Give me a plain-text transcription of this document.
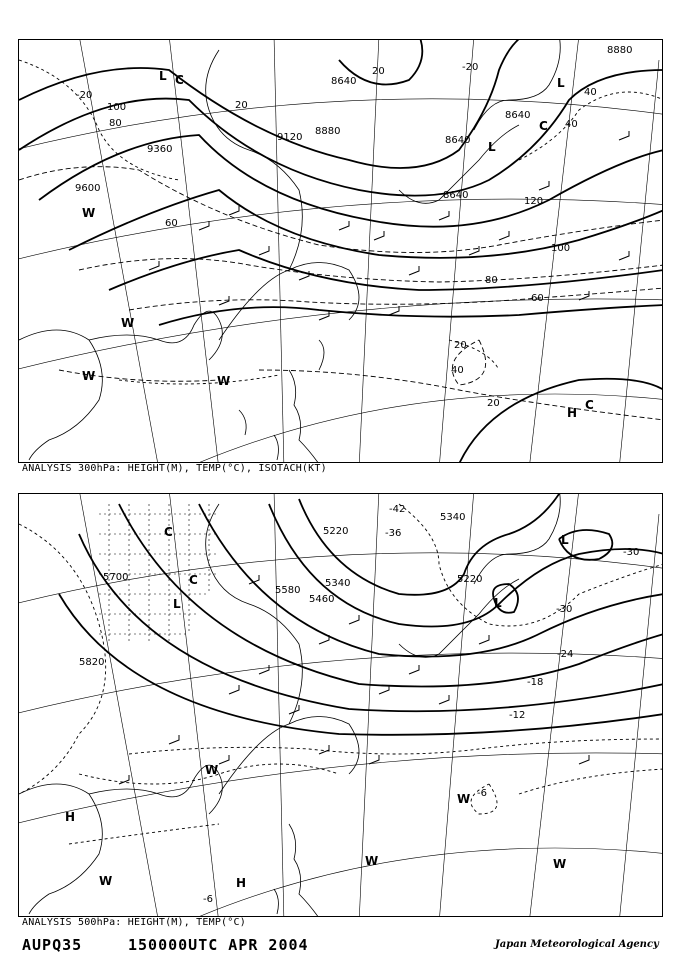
8880
8640
8640
8640
8640
8880
9120
9360
9600
120
100
100
80
80
60
60
40
40
40
20
20
20
20
-20
-20
L C	L
L
C
H
C
W
W	W
W
ANALYSIS 300hPa: HEIGHT(M), TEMP(°C), ISOTACH(KT)
5340
5220
5220
5340
5460
5580
5700
5820
-42
-36
-30
-30
-24
-18
-12
-6
-6
L
L
L
C
C
H
H
W
W	W
W
W
ANALYSIS 500hPa: HEIGHT(M), TEMP(°C)
AUPQ35	150000UTC APR 2004	Japan Meteorological Agency
